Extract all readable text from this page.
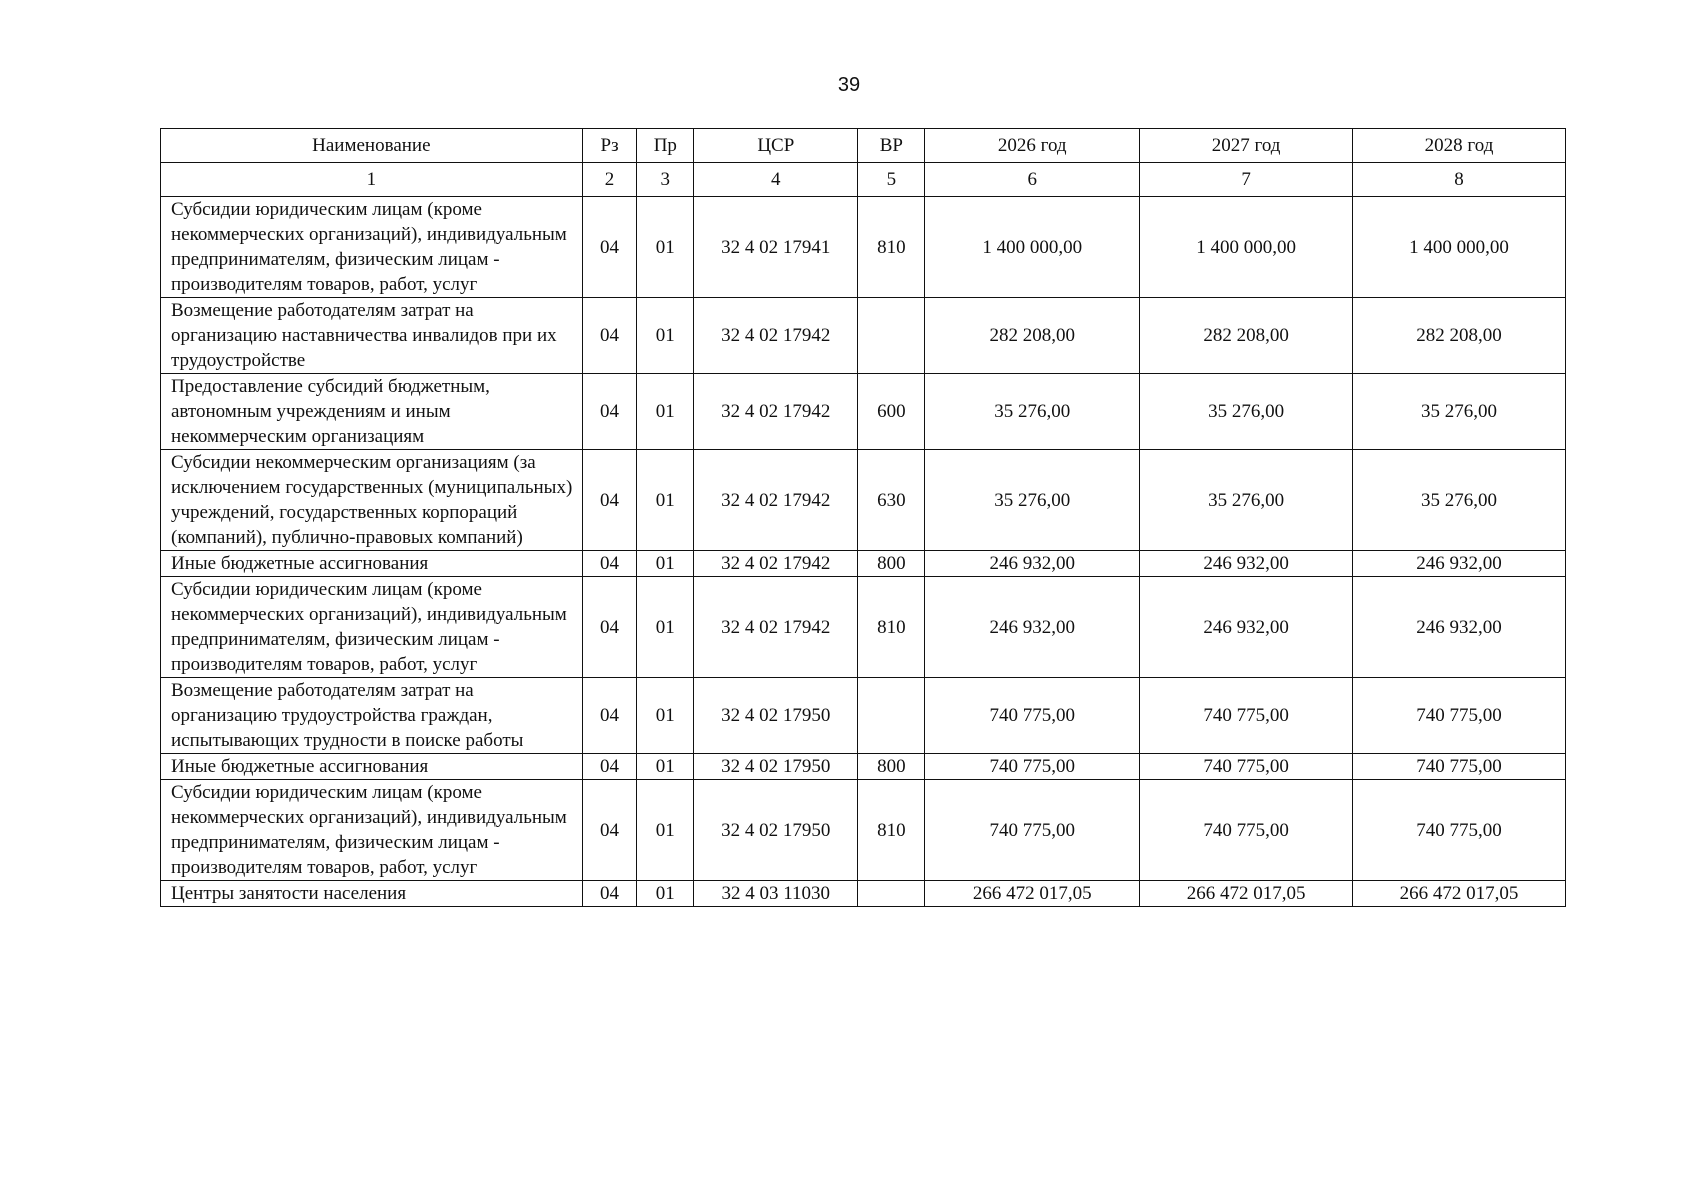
39
Наименование	Рз	Пр	ЦСР	ВР	2026 год	2027 год	2028 год
1	2	3	4	5	6	7	8
Субсидии юридическим лицам (кроме некоммерческих организаций), индивидуальным предпринимателям, физическим лицам - производителям товаров, работ, услуг	04	01	32 4 02 17941	810	1 400 000,00	1 400 000,00	1 400 000,00
Возмещение работодателям затрат на организацию наставничества инвалидов при их трудоустройстве	04	01	32 4 02 17942		282 208,00	282 208,00	282 208,00
Предоставление субсидий бюджетным, автономным учреждениям и иным некоммерческим организациям	04	01	32 4 02 17942	600	35 276,00	35 276,00	35 276,00
Субсидии некоммерческим организациям (за исключением государственных (муниципальных) учреждений, государственных корпораций (компаний), публично-правовых компаний)	04	01	32 4 02 17942	630	35 276,00	35 276,00	35 276,00
Иные бюджетные ассигнования	04	01	32 4 02 17942	800	246 932,00	246 932,00	246 932,00
Субсидии юридическим лицам (кроме некоммерческих организаций), индивидуальным предпринимателям, физическим лицам - производителям товаров, работ, услуг	04	01	32 4 02 17942	810	246 932,00	246 932,00	246 932,00
Возмещение работодателям затрат на организацию трудоустройства граждан, испытывающих трудности в поиске работы	04	01	32 4 02 17950		740 775,00	740 775,00	740 775,00
Иные бюджетные ассигнования	04	01	32 4 02 17950	800	740 775,00	740 775,00	740 775,00
Субсидии юридическим лицам (кроме некоммерческих организаций), индивидуальным предпринимателям, физическим лицам - производителям товаров, работ, услуг	04	01	32 4 02 17950	810	740 775,00	740 775,00	740 775,00
Центры занятости населения	04	01	32 4 03 11030		266 472 017,05	266 472 017,05	266 472 017,05
